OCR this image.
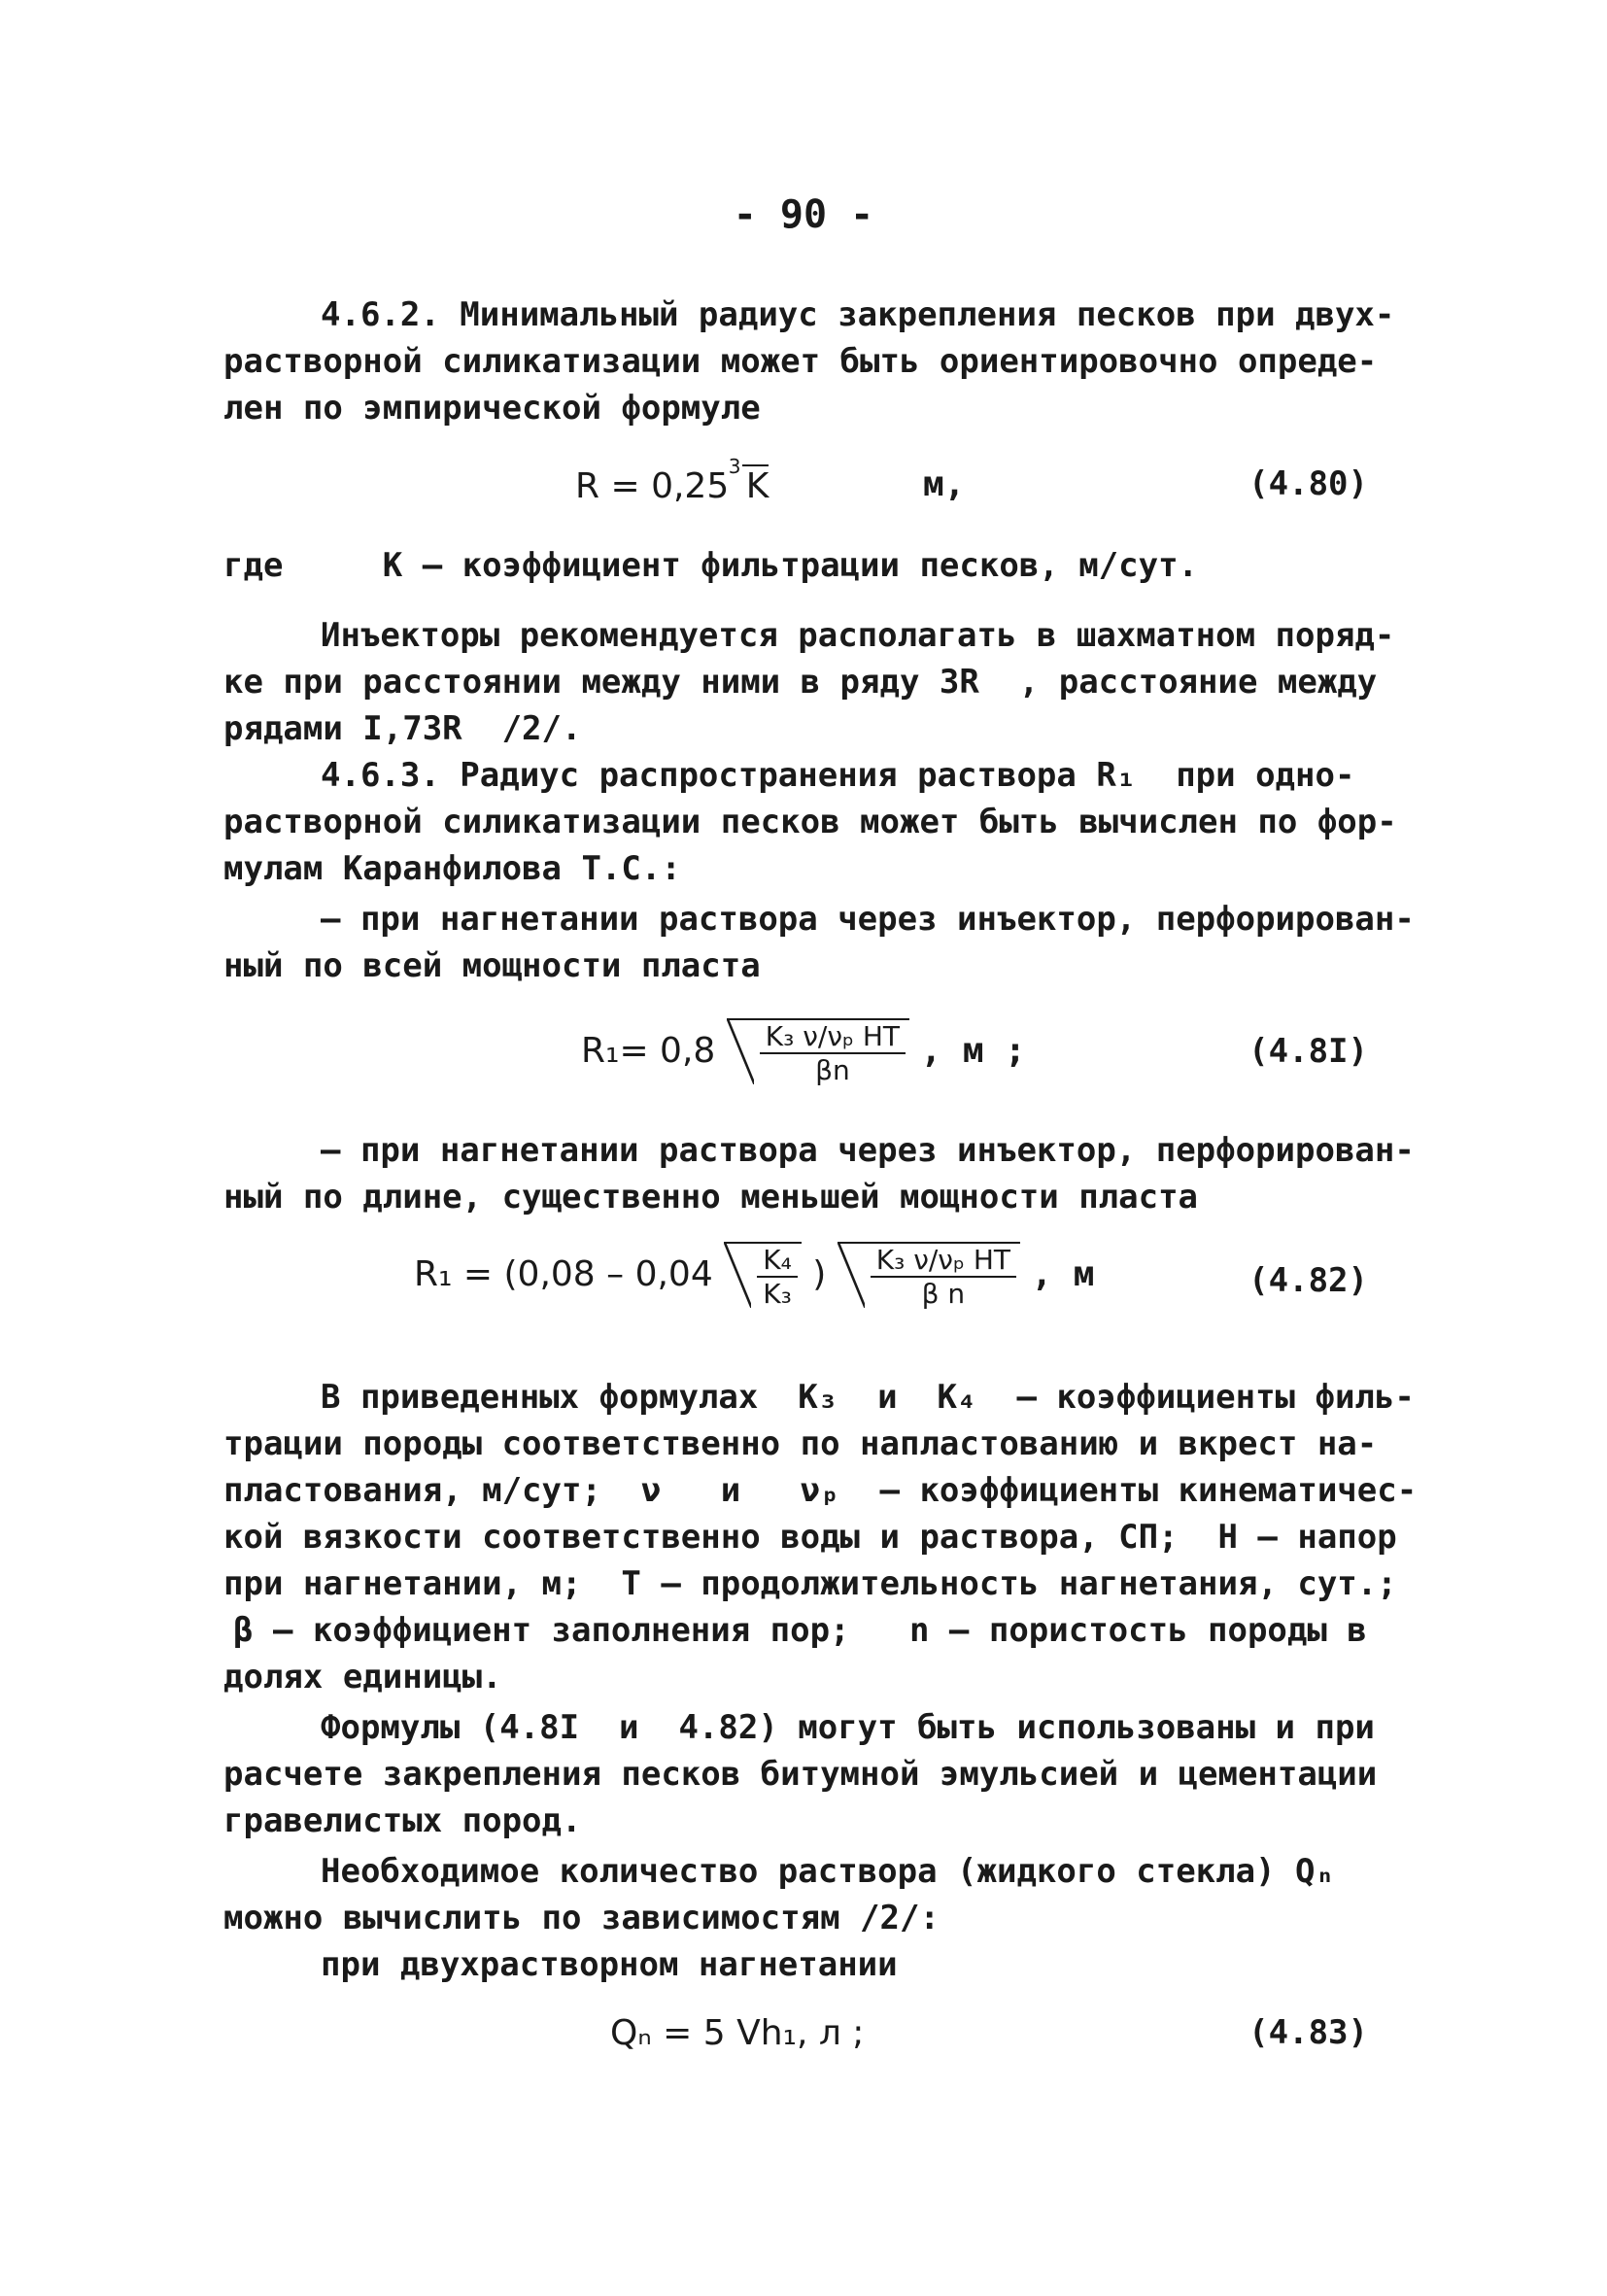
- 90 -
4.6.2. Минимальный радиус закрепления песков при двух-
растворной силикатизации может быть ориентировочно опреде-
лен по эмпирической формуле
R = 0,25 3 K	м,	(4.80)
где     К – коэффициент фильтрации песков, м/сут.
Инъекторы рекомендуется располагать в шахматном поряд-
ке при расстоянии между ними в ряду 3R  , расстояние между
рядами I,73R  /2/.
4.6.3. Радиус распространения раствора R₁  при одно-
растворной силикатизации песков может быть вычислен по фор-
мулам Каранфилова Т.С.:
– при нагнетании раствора через инъектор, перфорирован-
ный по всей мощности пласта
$R_1= 0,8 \frac{\text{K₃ ν/νₚ HT}}{\beta n}$ , м ;	(4.8I)
– при нагнетании раствора через инъектор, перфорирован-
ный по длине, существенно меньшей мощности пласта
$R_1 = (0,08 - 0,04 \frac{\text{K₄}}{\text{K₃}}$ ) $\frac{\text{K₃ ν/νₚ HT}}{\text{β n}}$ , м	(4.82)
В приведенных формулах  K₃  и  K₄  – коэффициенты филь-
трации породы соответственно по напластованию и вкрест на-
пластования, м/сут;  ν   и   νₚ  – коэффициенты кинематичес-
кой вязкости соответственно воды и раствора, СП;  H – напор
при нагнетании, м;  T – продолжительность нагнетания, сут.;
β – коэффициент заполнения пор;   n – пористость породы в
долях единицы.
Формулы (4.8I  и  4.82) могут быть использованы и при
расчете закрепления песков битумной эмульсией и цементации
гравелистых пород.
Необходимое количество раствора (жидкого стекла) Qₙ
можно вычислить по зависимостям /2/:
при двухрастворном нагнетании
Qₙ = 5 Vh₁, л ;	(4.83)
